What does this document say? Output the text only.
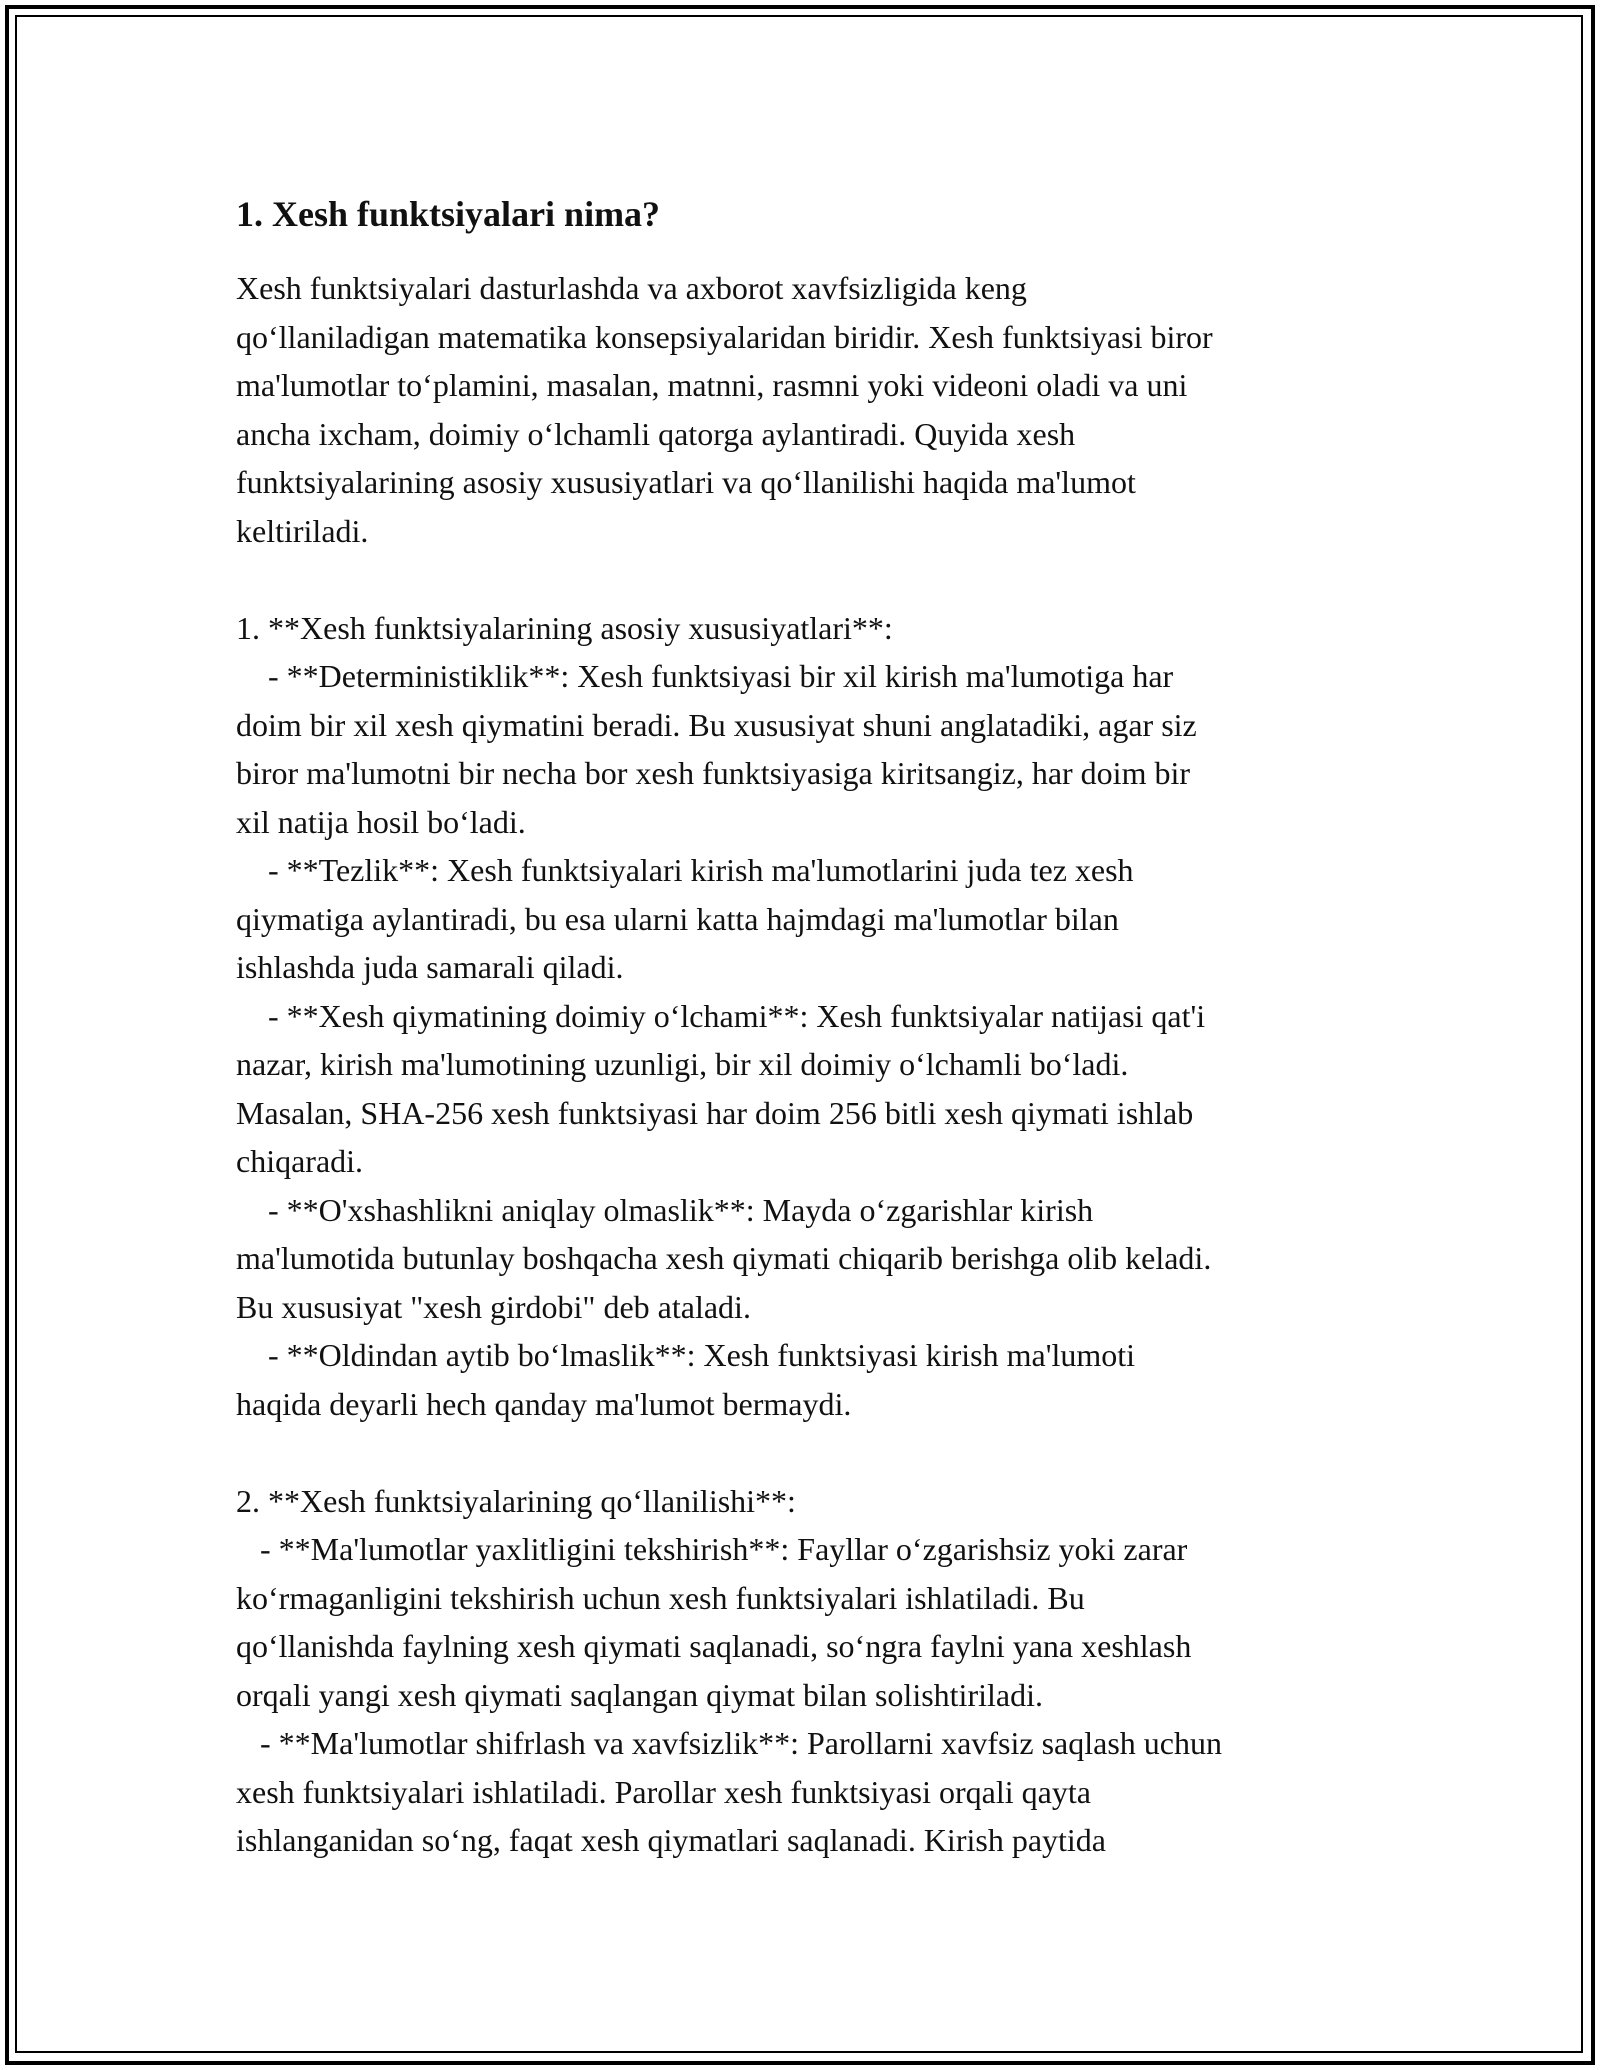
1. Xesh funktsiyalari nima?

Xesh funktsiyalari dasturlashda va axborot xavfsizligida keng
qo‘llaniladigan matematika konsepsiyalaridan biridir. Xesh funktsiyasi biror
ma'lumotlar to‘plamini, masalan, matnni, rasmni yoki videoni oladi va uni
ancha ixcham, doimiy o‘lchamli qatorga aylantiradi. Quyida xesh
funktsiyalarining asosiy xususiyatlari va qo‘llanilishi haqida ma'lumot
keltiriladi.

1. **Xesh funktsiyalarining asosiy xususiyatlari**:
- **Deterministiklik**: Xesh funktsiyasi bir xil kirish ma'lumotiga har
doim bir xil xesh qiymatini beradi. Bu xususiyat shuni anglatadiki, agar siz
biror ma'lumotni bir necha bor xesh funktsiyasiga kiritsangiz, har doim bir
xil natija hosil bo‘ladi.
- **Tezlik**: Xesh funktsiyalari kirish ma'lumotlarini juda tez xesh
qiymatiga aylantiradi, bu esa ularni katta hajmdagi ma'lumotlar bilan
ishlashda juda samarali qiladi.
- **Xesh qiymatining doimiy o‘lchami**: Xesh funktsiyalar natijasi qat'i
nazar, kirish ma'lumotining uzunligi, bir xil doimiy o‘lchamli bo‘ladi.
Masalan, SHA-256 xesh funktsiyasi har doim 256 bitli xesh qiymati ishlab
chiqaradi.
- **O'xshashlikni aniqlay olmaslik**: Mayda o‘zgarishlar kirish
ma'lumotida butunlay boshqacha xesh qiymati chiqarib berishga olib keladi.
Bu xususiyat "xesh girdobi" deb ataladi.
- **Oldindan aytib bo‘lmaslik**: Xesh funktsiyasi kirish ma'lumoti
haqida deyarli hech qanday ma'lumot bermaydi.

2. **Xesh funktsiyalarining qo‘llanilishi**:
- **Ma'lumotlar yaxlitligini tekshirish**: Fayllar o‘zgarishsiz yoki zarar
ko‘rmaganligini tekshirish uchun xesh funktsiyalari ishlatiladi. Bu
qo‘llanishda faylning xesh qiymati saqlanadi, so‘ngra faylni yana xeshlash
orqali yangi xesh qiymati saqlangan qiymat bilan solishtiriladi.
- **Ma'lumotlar shifrlash va xavfsizlik**: Parollarni xavfsiz saqlash uchun
xesh funktsiyalari ishlatiladi. Parollar xesh funktsiyasi orqali qayta
ishlanganidan so‘ng, faqat xesh qiymatlari saqlanadi. Kirish paytida
